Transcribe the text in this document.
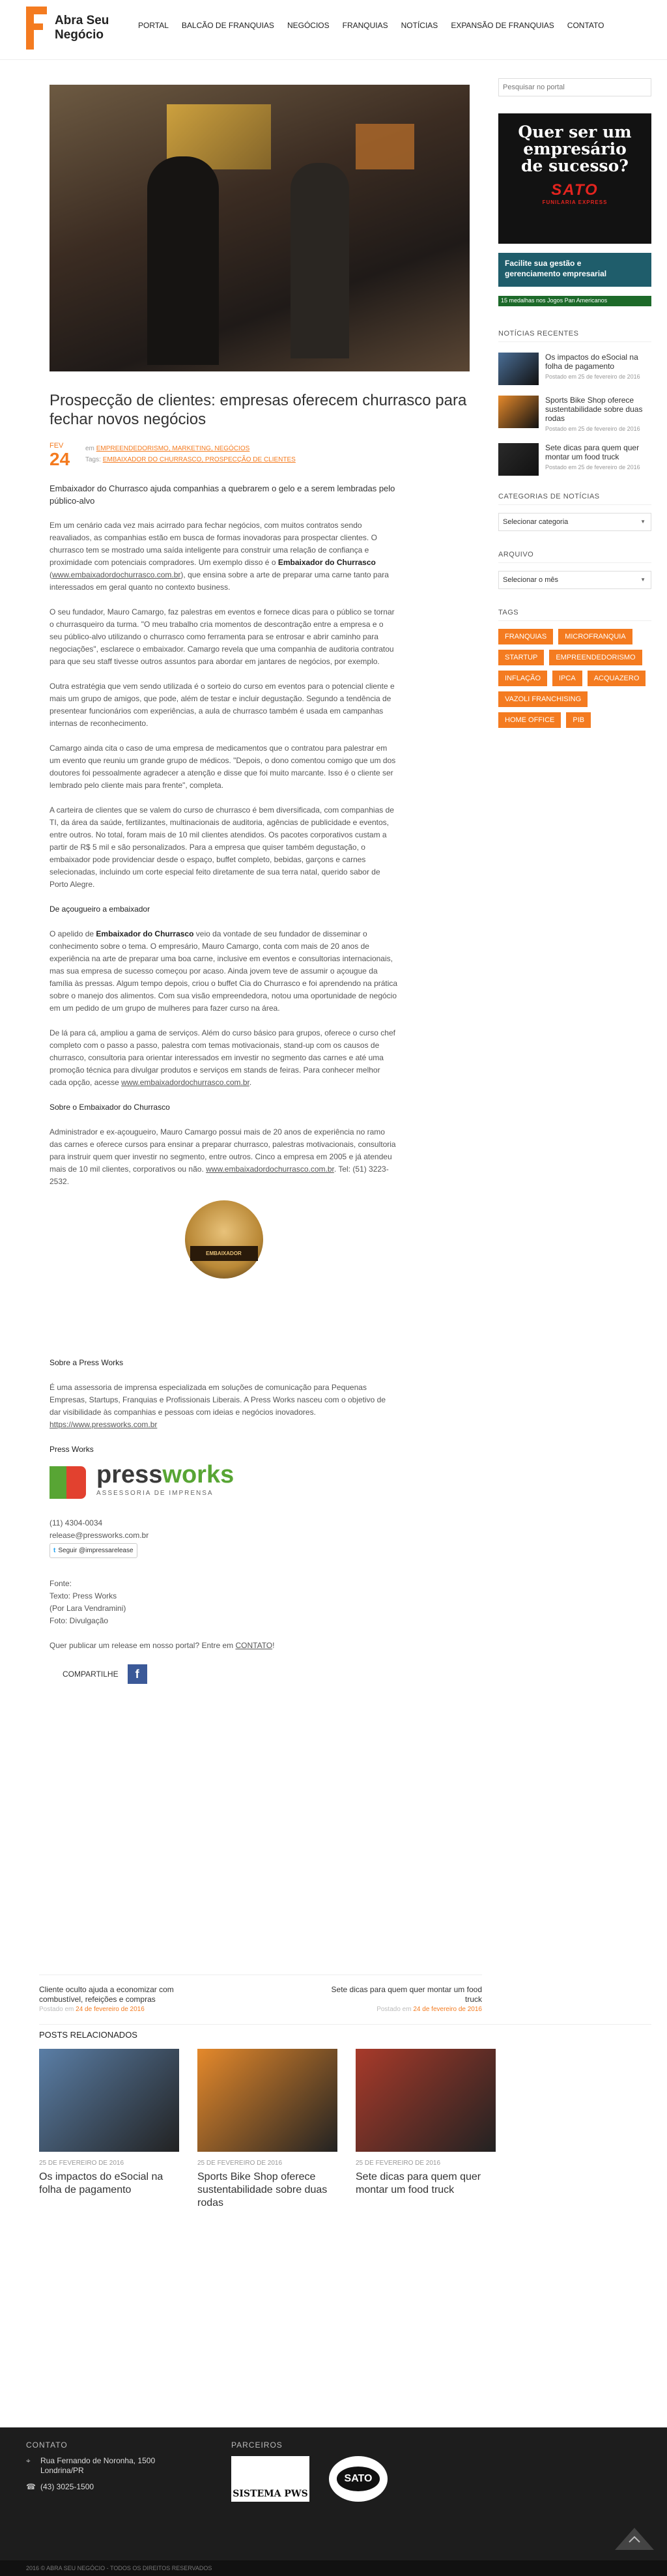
Abra Seu
Negócio
PORTAL BALCÃO DE FRANQUIAS NEGÓCIOS FRANQUIAS NOTÍCIAS EXPANSÃO DE FRANQUIAS CONTATO
Prospecção de clientes: empresas oferecem churrasco para fechar novos negócios
FEV
24
em EMPREENDEDORISMO, MARKETING, NEGÓCIOS
Tags: EMBAIXADOR DO CHURRASCO, PROSPECÇÃO DE CLIENTES

Embaixador do Churrasco ajuda companhias a quebrarem o gelo e a serem lembradas pelo público-alvo

Em um cenário cada vez mais acirrado para fechar negócios, com muitos contratos sendo reavaliados, as companhias estão em busca de formas inovadoras para prospectar clientes. O churrasco tem se mostrado uma saída inteligente para construir uma relação de confiança e proximidade com potenciais compradores. Um exemplo disso é o Embaixador do Churrasco (www.embaixadordochurrasco.com.br), que ensina sobre a arte de preparar uma carne tanto para interessados em geral quanto no contexto business.

O seu fundador, Mauro Camargo, faz palestras em eventos e fornece dicas para o público se tornar o churrasqueiro da turma. "O meu trabalho cria momentos de descontração entre a empresa e o seu público-alvo utilizando o churrasco como ferramenta para se entrosar e abrir caminho para negociações", esclarece o embaixador. Camargo revela que uma companhia de auditoria contratou para que seu staff tivesse outros assuntos para abordar em jantares de negócios, por exemplo.

Outra estratégia que vem sendo utilizada é o sorteio do curso em eventos para o potencial cliente e mais um grupo de amigos, que pode, além de testar e incluir degustação. Segundo a tendência de presentear funcionários com experiências, a aula de churrasco também é usada em campanhas internas de reconhecimento.

Camargo ainda cita o caso de uma empresa de medicamentos que o contratou para palestrar em um evento que reuniu um grande grupo de médicos. "Depois, o dono comentou comigo que um dos doutores foi pessoalmente agradecer a atenção e disse que foi muito marcante. Isso é o cliente ser lembrado pelo cliente mais para frente", completa.

A carteira de clientes que se valem do curso de churrasco é bem diversificada, com companhias de TI, da área da saúde, fertilizantes, multinacionais de auditoria, agências de publicidade e eventos, entre outros. No total, foram mais de 10 mil clientes atendidos. Os pacotes corporativos custam a partir de R$ 5 mil e são personalizados. Para a empresa que quiser também degustação, o embaixador pode providenciar desde o espaço, buffet completo, bebidas, garçons e carnes selecionadas, incluindo um corte especial feito diretamente de sua terra natal, querido sabor de Porto Alegre.

De açougueiro a embaixador

O apelido de Embaixador do Churrasco veio da vontade de seu fundador de disseminar o conhecimento sobre o tema. O empresário, Mauro Camargo, conta com mais de 20 anos de experiência na arte de preparar uma boa carne, inclusive em eventos e consultorias internacionais, mas sua empresa de sucesso começou por acaso. Ainda jovem teve de assumir o açougue da família às pressas. Algum tempo depois, criou o buffet Cia do Churrasco e foi aprendendo na prática sobre o manejo dos alimentos. Com sua visão empreendedora, notou uma oportunidade de negócio em um pedido de um grupo de mulheres para fazer curso na área.

De lá para cá, ampliou a gama de serviços. Além do curso básico para grupos, oferece o curso chef completo com o passo a passo, palestra com temas motivacionais, stand-up com os causos de churrasco, consultoria para orientar interessados em investir no segmento das carnes e até uma promoção técnica para divulgar produtos e serviços em stands de feiras. Para conhecer melhor cada opção, acesse www.embaixadordochurrasco.com.br.

Sobre o Embaixador do Churrasco

Administrador e ex-açougueiro, Mauro Camargo possui mais de 20 anos de experiência no ramo das carnes e oferece cursos para ensinar a preparar churrasco, palestras motivacionais, consultoria para instruir quem quer investir no segmento, entre outros. Cinco a empresa em 2005 e já atendeu mais de 10 mil clientes, corporativos ou não. www.embaixadordochurrasco.com.br. Tel: (51) 3223-2532.

EMBAIXADOR

Sobre a Press Works

É uma assessoria de imprensa especializada em soluções de comunicação para Pequenas Empresas, Startups, Franquias e Profissionais Liberais. A Press Works nasceu com o objetivo de dar visibilidade às companhias e pessoas com ideias e negócios inovadores. https://www.pressworks.com.br

Press Works

pressworks
ASSESSORIA DE IMPRENSA

(11) 4304-0034

release@pressworks.com.br

t Seguir @impressarelease

Fonte:

Texto: Press Works

(Por Lara Vendramini)

Foto: Divulgação

Quer publicar um release em nosso portal? Entre em CONTATO!

COMPARTILHE	f
Cliente oculto ajuda a economizar com combustível, refeições e compras
Postado em 24 de fevereiro de 2016
Sete dicas para quem quer montar um food truck
Postado em 24 de fevereiro de 2016
POSTS RELACIONADOS
25 DE FEVEREIRO DE 2016
Os impactos do eSocial na folha de pagamento
25 DE FEVEREIRO DE 2016
Sports Bike Shop oferece sustentabilidade sobre duas rodas
25 DE FEVEREIRO DE 2016
Sete dicas para quem quer montar um food truck
Pesquisar no portal
Quer ser um
empresário
de sucesso?
SATO
FUNILARIA EXPRESS
Facilite sua gestão e
gerenciamento empresarial
15 medalhas nos Jogos Pan Americanos
NOTÍCIAS RECENTES
Os impactos do eSocial na folha de pagamento
Postado em 25 de fevereiro de 2016
Sports Bike Shop oferece sustentabilidade sobre duas rodas
Postado em 25 de fevereiro de 2016
Sete dicas para quem quer montar um food truck
Postado em 25 de fevereiro de 2016
CATEGORIAS DE NOTÍCIAS
Selecionar categoria	▼
ARQUIVO
Selecionar o mês	▼
TAGS
FRANQUIAS	MICROFRANQUIA
STARTUP	EMPREENDEDORISMO
INFLAÇÃO	IPCA	ACQUAZERO
VAZOLI FRANCHISING
HOME OFFICE	PIB
CONTATO
⌖	Rua Fernando de Noronha, 1500
Londrina/PR
☎ (43) 3025-1500
PARCEIROS
SISTEMA PWS
SATO
2016 © ABRA SEU NEGÓCIO - TODOS OS DIREITOS RESERVADOS
